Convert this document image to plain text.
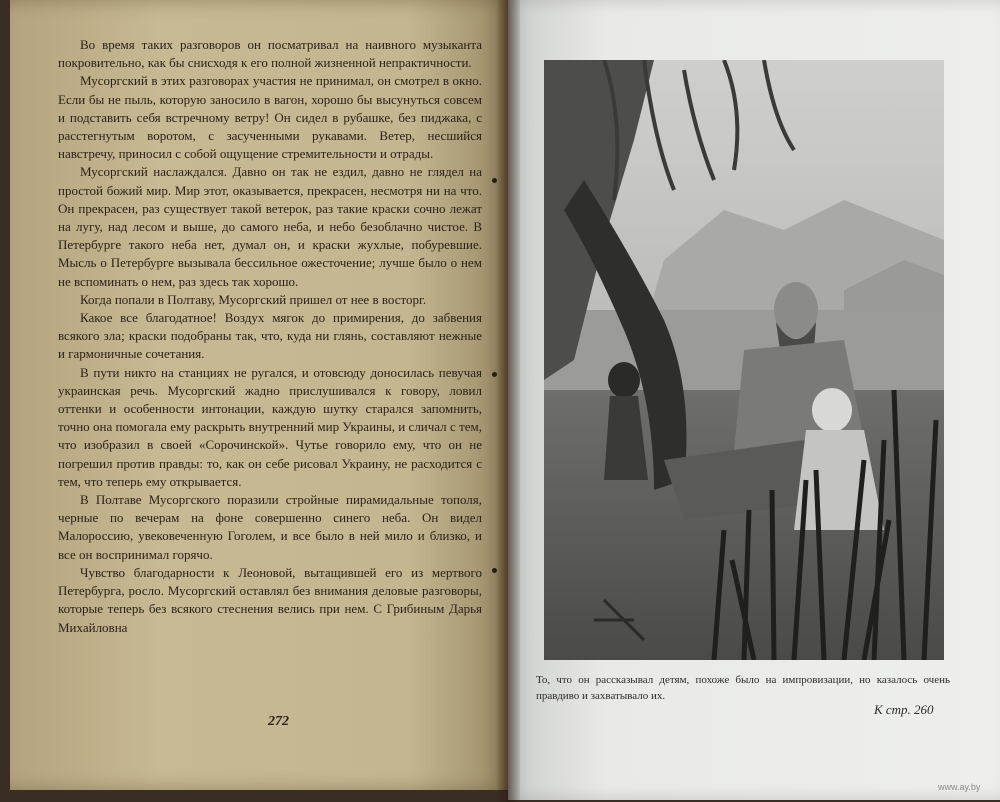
Во время таких разговоров он посматривал на наивного музыканта покровительно, как бы снисходя к его полной жизненной непрактичности.

Мусоргский в этих разговорах участия не принимал, он смотрел в окно. Если бы не пыль, которую заносило в вагон, хорошо бы высунуться совсем и подставить себя встречному ветру! Он сидел в рубашке, без пиджака, с расстегнутым воротом, с засученными рукавами. Ветер, несшийся навстречу, приносил с собой ощущение стремительности и отрады.

Мусоргский наслаждался. Давно он так не ездил, давно не глядел на простой божий мир. Мир этот, оказывается, прекрасен, несмотря ни на что. Он прекрасен, раз существует такой ветерок, раз такие краски сочно лежат на лугу, над лесом и выше, до самого неба, и небо безоблачно чистое. В Петербурге такого неба нет, думал он, и краски жухлые, побуревшие. Мысль о Петербурге вызывала бессильное ожесточение; лучше было о нем не вспоминать о нем, раз здесь так хорошо.

Когда попали в Полтаву, Мусоргский пришел от нее в восторг.

Какое все благодатное! Воздух мягок до примирения, до забвения всякого зла; краски подобраны так, что, куда ни глянь, составляют нежные и гармоничные сочетания.

В пути никто на станциях не ругался, и отовсюду доносилась певучая украинская речь. Мусоргский жадно прислушивался к говору, ловил оттенки и особенности интонации, каждую шутку старался запомнить, точно она помогала ему раскрыть внутренний мир Украины, и сличал с тем, что изобразил в своей «Сорочинской». Чутье говорило ему, что он не погрешил против правды: то, как он себе рисовал Украину, не расходится с тем, что теперь ему открывается.

В Полтаве Мусоргского поразили стройные пирамидальные тополя, черные по вечерам на фоне совершенно синего неба. Он видел Малороссию, увековеченную Гоголем, и все было в ней мило и близко, и все он воспринимал горячо.

Чувство благодарности к Леоновой, вытащившей его из мертвого Петербурга, росло. Мусоргский оставлял без внимания деловые разговоры, которые теперь без всякого стеснения велись при нем. С Грибиным Дарья Михайловна

272
То, что он рассказывал детям, похоже было на импровизации, но казалось очень правдиво и захватывало их.
К стр. 260
www.ay.by
